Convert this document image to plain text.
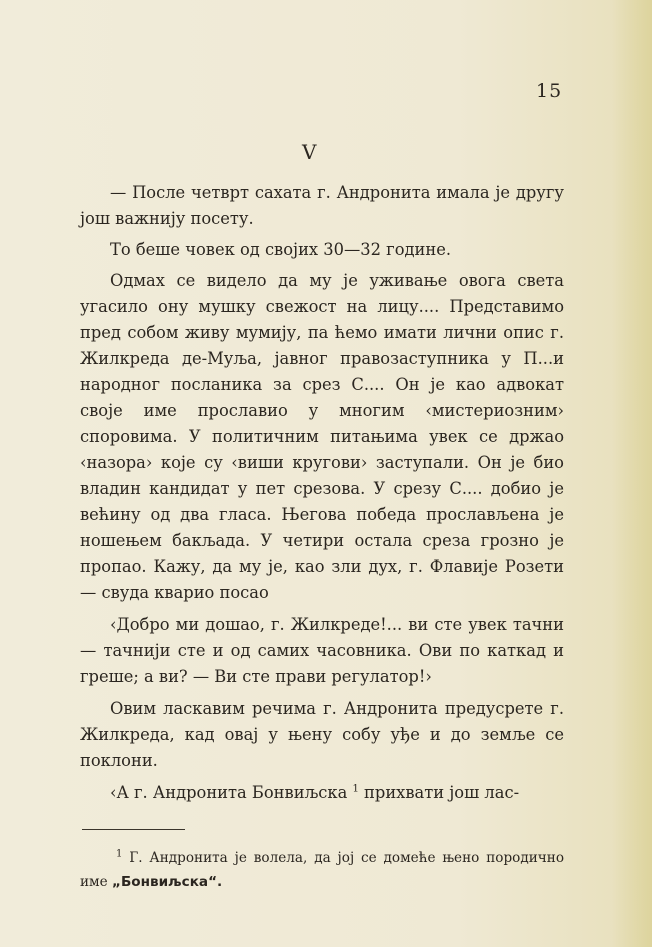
15
V

— После четврт сахата г. Андронита имала је другу још важнију посету.

То беше човек од својих 30—32 године.

Одмах се видело да му је уживање овога света угасило ону мушку свежост на лицу.... Представимо пред собом живу мумију, па ћемо имати лични опис г. Жилкреда де-Муља, јавног правозаступника у П...и народног посланика за срез С.... Он је као адвокат своје име прославио у многим ‹мистериозним› споровима. У политичним питањима увек се држао ‹назора› које су ‹виши кругови› заступали. Он је био владин кандидат у пет срезова. У срезу С.... добио је већину од два гласа. Његова победа прослављена је ношењем бакљада. У четири остала среза грозно је пропао. Кажу, да му је, као зли дух, г. Флавије Розети — свуда кварио посао

‹Добро ми дошао, г. Жилкреде!... ви сте увек тачни — тачнији сте и од самих часовника. Ови по каткад и греше; а ви? — Ви сте прави регулатор!›

Овим ласкавим речима г. Андронита предусрете г. Жилкреда, кад овај у њену собу уђе и до земље се поклони.

‹А г. Андронита Бонвиљска $^1$ прихвати још лас-

$^1$ Г. Андронита је волела, да јој се домеће њено породично име „Бонвиљска“.
